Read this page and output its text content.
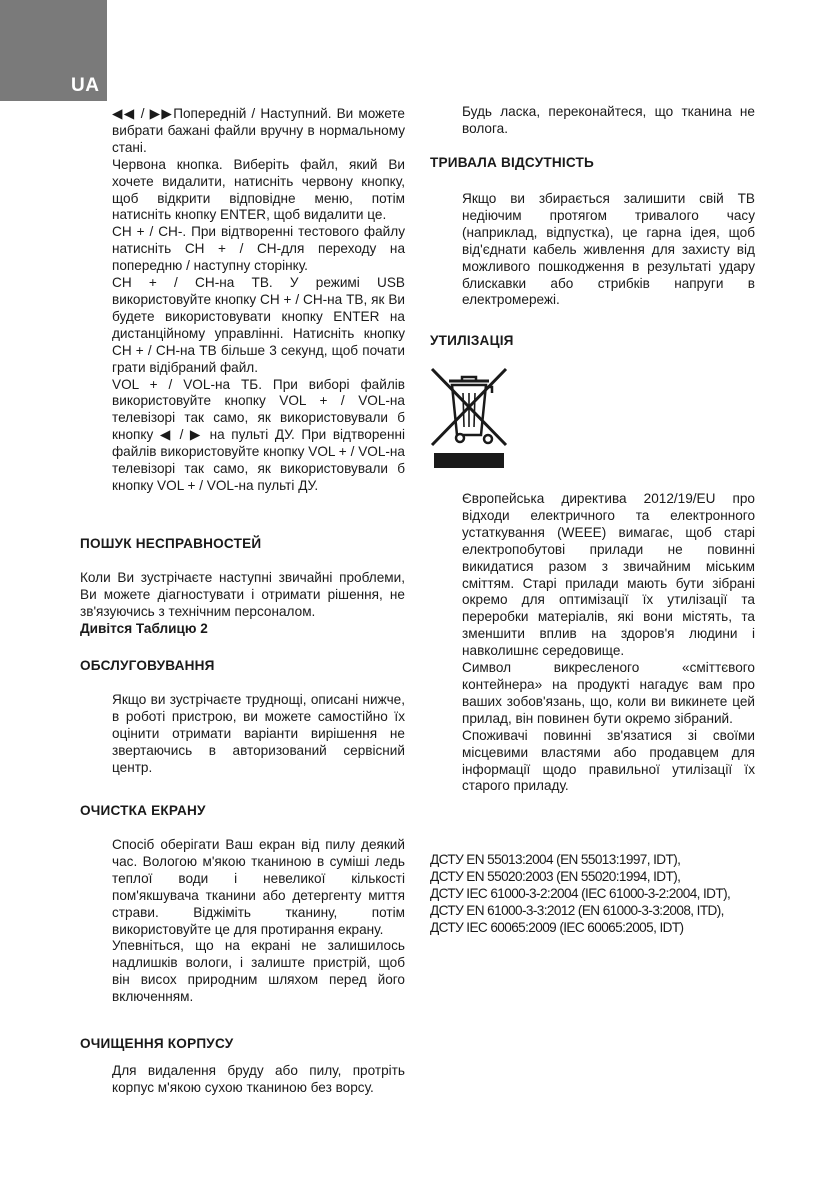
UA

◀◀ / ▶▶Попередній / Наступний. Ви можете вибрати бажані файли вручну в нормальному стані.

Червона кнопка. Виберіть файл, який Ви хочете видалити, натисніть червону кнопку, щоб відкрити відповідне меню, потім натисніть кнопку ENTER, щоб видалити це.

CH + / CH-. При відтворенні тестового файлу натисніть CH + / CH-для переходу на попередню / наступну сторінку.

CH + / CH-на ТВ. У режимі USB використовуйте кнопку CH + / CH-на ТВ, як Ви будете використовувати кнопку ENTER на дистанційному управлінні. Натисніть кнопку CH + / CH-на ТВ більше 3 секунд, щоб почати грати відібраний файл.

VOL + / VOL-на ТБ. При виборі файлів використовуйте кнопку VOL + / VOL-на телевізорі так само, як використовували б кнопку ◀ / ▶ на пульті ДУ. При відтворенні файлів використовуйте кнопку VOL + / VOL-на телевізорі так само, як використовували б кнопку VOL + / VOL-на пульті ДУ.

ПОШУК НЕСПРАВНОСТЕЙ

Коли Ви зустрічаєте наступні звичайні проблеми, Ви можете діагностувати і отримати рішення, не зв'язуючись з технічним персоналом.

Дивітся Таблицю 2

ОБСЛУГОВУВАННЯ

Якщо ви зустрічаєте труднощі, описані нижче, в роботі пристрою, ви можете самостійно їх оцінити отримати варіанти вирішення не звертаючись в авторизований сервісний центр.

ОЧИСТКА ЕКРАНУ

Спосіб оберігати Ваш екран від пилу деякий час. Вологою м'якою тканиною в суміші ледь теплої води і невеликої кількості пом'якшувача тканини або детергенту миття страви. Віджіміть тканину, потім використовуйте це для протирання екрану.

Упевніться, що на екрані не залишилось надлишків вологи, і залиште пристрій, щоб він висох природним шляхом перед його включенням.

ОЧИЩЕННЯ КОРПУСУ

Для видалення бруду або пилу, протріть корпус м'якою сухою тканиною без ворсу.

Будь ласка, переконайтеся, що тканина не волога.

ТРИВАЛА ВІДСУТНІСТЬ

Якщо ви збирається залишити свій ТВ недіючим протягом тривалого часу (наприклад, відпустка), це гарна ідея, щоб від'єднати кабель живлення для захисту від можливого пошкодження в результаті удару блискавки або стрибків напруги в електромережі.

УТИЛІЗАЦІЯ

Європейська директива 2012/19/EU про відходи електричного та електронного устаткування (WEEE) вимагає, щоб старі електропобутові прилади не повинні викидатися разом з звичайним міським сміттям. Старі прилади мають бути зібрані окремо для оптимізації їх утилізації та переробки матеріалів, які вони містять, та зменшити вплив на здоров'я людини і навколишнє середовище.

Символ викресленого «сміттєвого контейнера» на продукті нагадує вам про ваших зобов'язань, що, коли ви викинете цей прилад, він повинен бути окремо зібраний.

Споживачі повинні зв'язатися зі своїми місцевими властями або продавцем для інформації щодо правильної утилізації їх старого приладу.

ДСТУ EN 55013:2004 (EN 55013:1997, IDT),
ДСТУ EN 55020:2003 (EN 55020:1994, IDT),
ДСТУ IEC 61000-3-2:2004 (IEC 61000-3-2:2004, IDT),
ДСТУ EN 61000-3-3:2012 (EN 61000-3-3:2008, ITD),
ДСТУ IEC 60065:2009 (IEC 60065:2005, IDT)
